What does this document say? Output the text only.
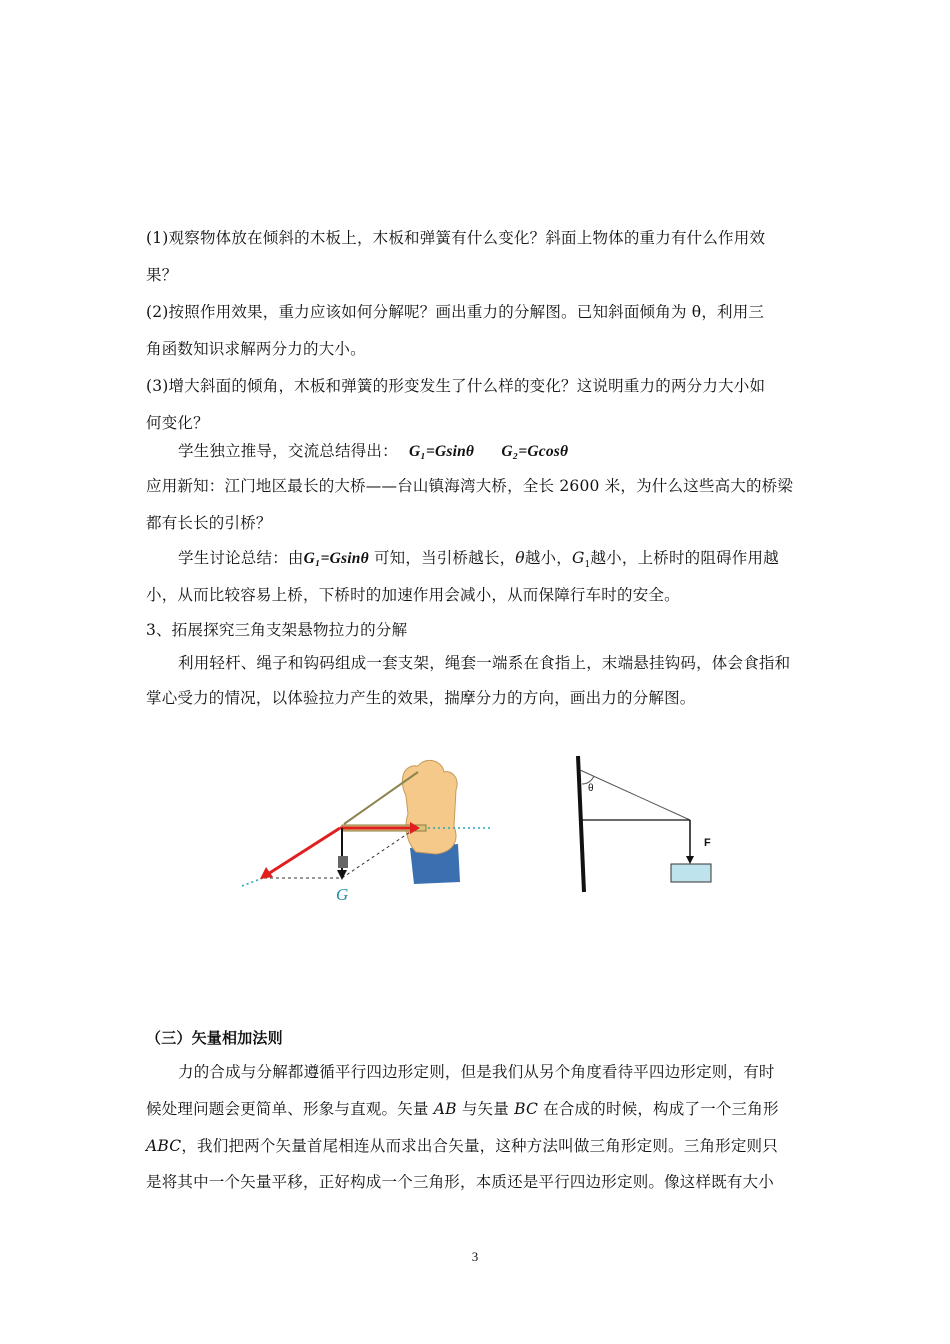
(1)观察物体放在倾斜的木板上，木板和弹簧有什么变化？斜面上物体的重力有什么作用效
果？
(2)按照作用效果，重力应该如何分解呢？画出重力的分解图。已知斜面倾角为 θ，利用三
角函数知识求解两分力的大小。
(3)增大斜面的倾角，木板和弹簧的形变发生了什么样的变化？这说明重力的两分力大小如
何变化？
学生独立推导，交流总结得出： G₁=Gsinθ G₂=Gcosθ
应用新知：江门地区最长的大桥——台山镇海湾大桥，全长 2600 米，为什么这些高大的桥梁
都有长长的引桥？
学生讨论总结：由G₁=Gsinθ 可知，当引桥越长，θ越小，$G_1$越小，上桥时的阻碍作用越
小，从而比较容易上桥，下桥时的加速作用会减小，从而保障行车时的安全。
3、拓展探究三角支架悬物拉力的分解
利用轻杆、绳子和钩码组成一套支架，绳套一端系在食指上，末端悬挂钩码，体会食指和
掌心受力的情况，以体验拉力产生的效果，揣摩分力的方向，画出力的分解图。
G
θ
F
（三）矢量相加法则
力的合成与分解都遵循平行四边形定则，但是我们从另个角度看待平四边形定则，有时
候处理问题会更简单、形象与直观。矢量 AB 与矢量 BC 在合成的时候，构成了一个三角形
ABC，我们把两个矢量首尾相连从而求出合矢量，这种方法叫做三角形定则。三角形定则只
是将其中一个矢量平移，正好构成一个三角形，本质还是平行四边形定则。像这样既有大小
3
